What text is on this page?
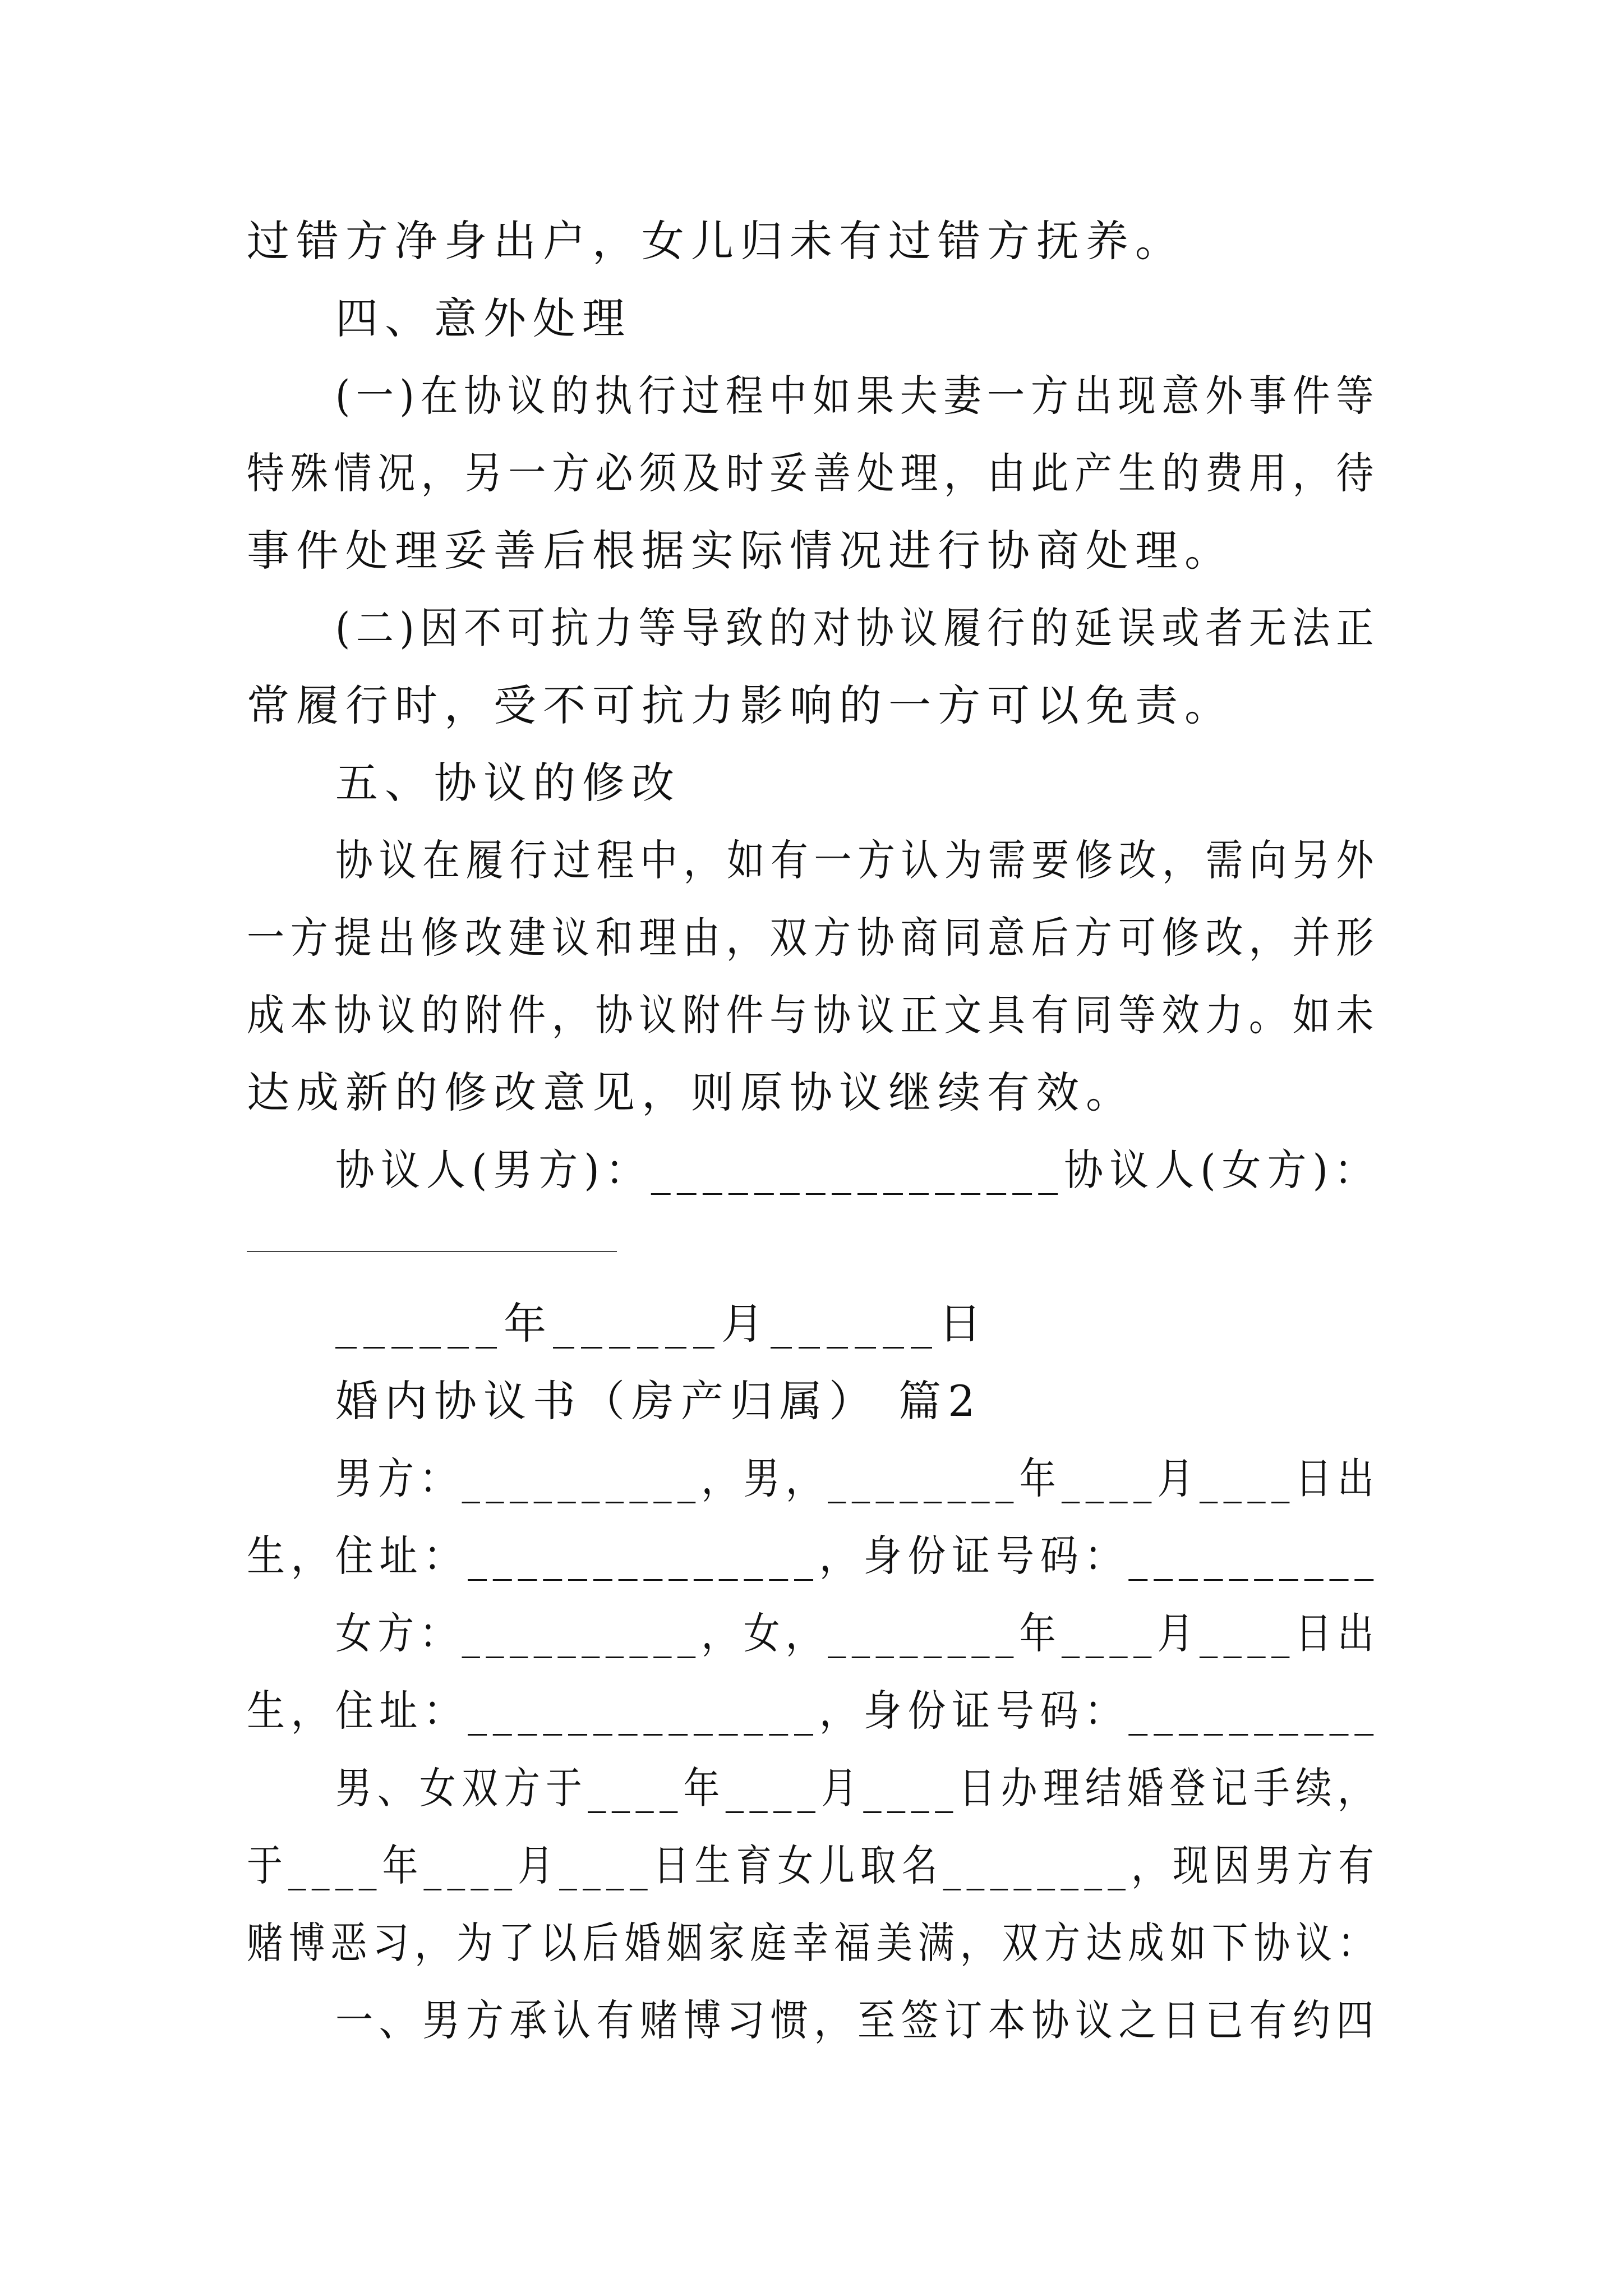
过错方净身出户，女儿归未有过错方抚养。
四、意外处理
(一)在协议的执行过程中如果夫妻一方出现意外事件等
特殊情况，另一方必须及时妥善处理，由此产生的费用，待
事件处理妥善后根据实际情况进行协商处理。
(二)因不可抗力等导致的对协议履行的延误或者无法正
常履行时，受不可抗力影响的一方可以免责。
五、协议的修改
协议在履行过程中，如有一方认为需要修改，需向另外
一方提出修改建议和理由，双方协商同意后方可修改，并形
成本协议的附件，协议附件与协议正文具有同等效力。如未
达成新的修改意见，则原协议继续有效。
协议人(男方)：________________协议人(女方)：
______年______月______日
婚内协议书（房产归属） 篇2
男方：__________，男，________年____月____日出
生，住址：______________，身份证号码：__________
女方：__________，女，________年____月____日出
生，住址：______________，身份证号码：__________
男、女双方于____年____月____日办理结婚登记手续，
于____年____月____日生育女儿取名________，现因男方有
赌博恶习，为了以后婚姻家庭幸福美满，双方达成如下协议：
一、男方承认有赌博习惯，至签订本协议之日已有约四
